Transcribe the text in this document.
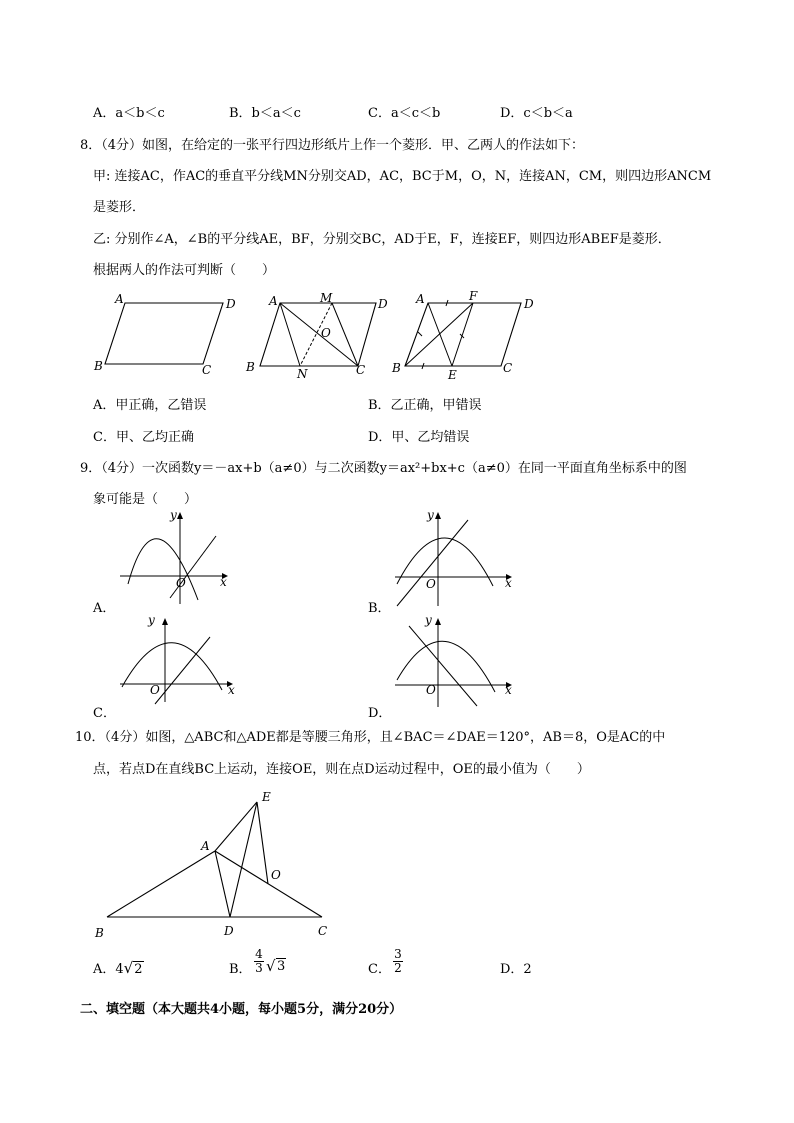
A．a＜b＜c	B．b＜a＜c	C．a＜c＜b	D．c＜b＜a
8．（4分）如图，在给定的一张平行四边形纸片上作一个菱形．甲、乙两人的作法如下：
甲: 连接AC，作AC的垂直平分线MN分别交AD，AC，BC于M，O，N，连接AN，CM，则四边形ANCM
是菱形．
乙: 分别作∠A，∠B的平分线AE，BF，分别交BC，AD于E，F，连接EF，则四边形ABEF是菱形．
根据两人的作法可判断（　　）
A	D
B	C
A	M	D
O
B	N	C
A	F
D
B	E	C
A．甲正确，乙错误	B．乙正确，甲错误
C．甲、乙均正确	D．甲、乙均错误
9．（4分）一次函数y＝－ax+b（a≠0）与二次函数y＝ax²+bx+c（a≠0）在同一平面直角坐标系中的图
象可能是（　　）
y
x
O
A．
y
x
O
B．
y
x
O
C．
y
x
O
D．
10．（4分）如图，△ABC和△ADE都是等腰三角形，且∠BAC＝∠DAE＝120°，AB＝8，O是AC的中
点，若点D在直线BC上运动，连接OE，则在点D运动过程中，OE的最小值为（　　）
E
A
O
B	D	C
A．4√2	B．
4
3 √ 3	C．
3
2	D．2
二、填空题（本大题共4小题，每小题5分，满分20分）
